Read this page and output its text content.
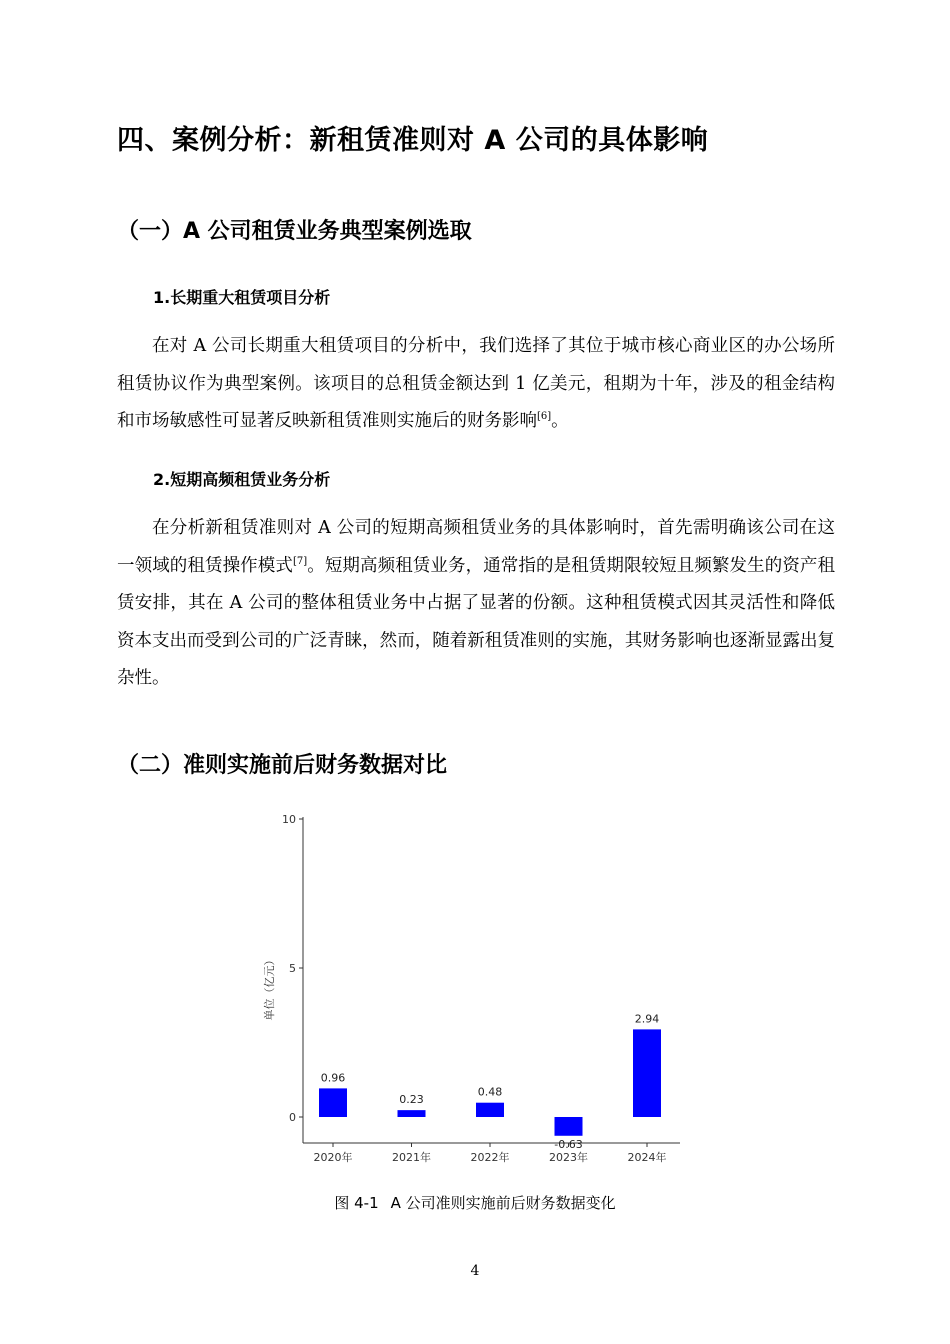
四、案例分析：新租赁准则对 A 公司的具体影响
（一）A 公司租赁业务典型案例选取
1.长期重大租赁项目分析

在对 A 公司长期重大租赁项目的分析中，我们选择了其位于城市核心商业区的办公场所租赁协议作为典型案例。该项目的总租赁金额达到 1 亿美元，租期为十年，涉及的租金结构和市场敏感性可显著反映新租赁准则实施后的财务影响[6]。

2.短期高频租赁业务分析

在分析新租赁准则对 A 公司的短期高频租赁业务的具体影响时，首先需明确该公司在这一领域的租赁操作模式[7]。短期高频租赁业务，通常指的是租赁期限较短且频繁发生的资产租赁安排，其在 A 公司的整体租赁业务中占据了显著的份额。这种租赁模式因其灵活性和降低资本支出而受到公司的广泛青睐，然而，随着新租赁准则的实施，其财务影响也逐渐显露出复杂性。

（二）准则实施前后财务数据对比
0
5
10
单位（亿元）
2020年	2021年	2022年	2023年	2024年
0.96
0.23
0.48
-0.63
2.94
图 4-1 A 公司准则实施前后财务数据变化
4
